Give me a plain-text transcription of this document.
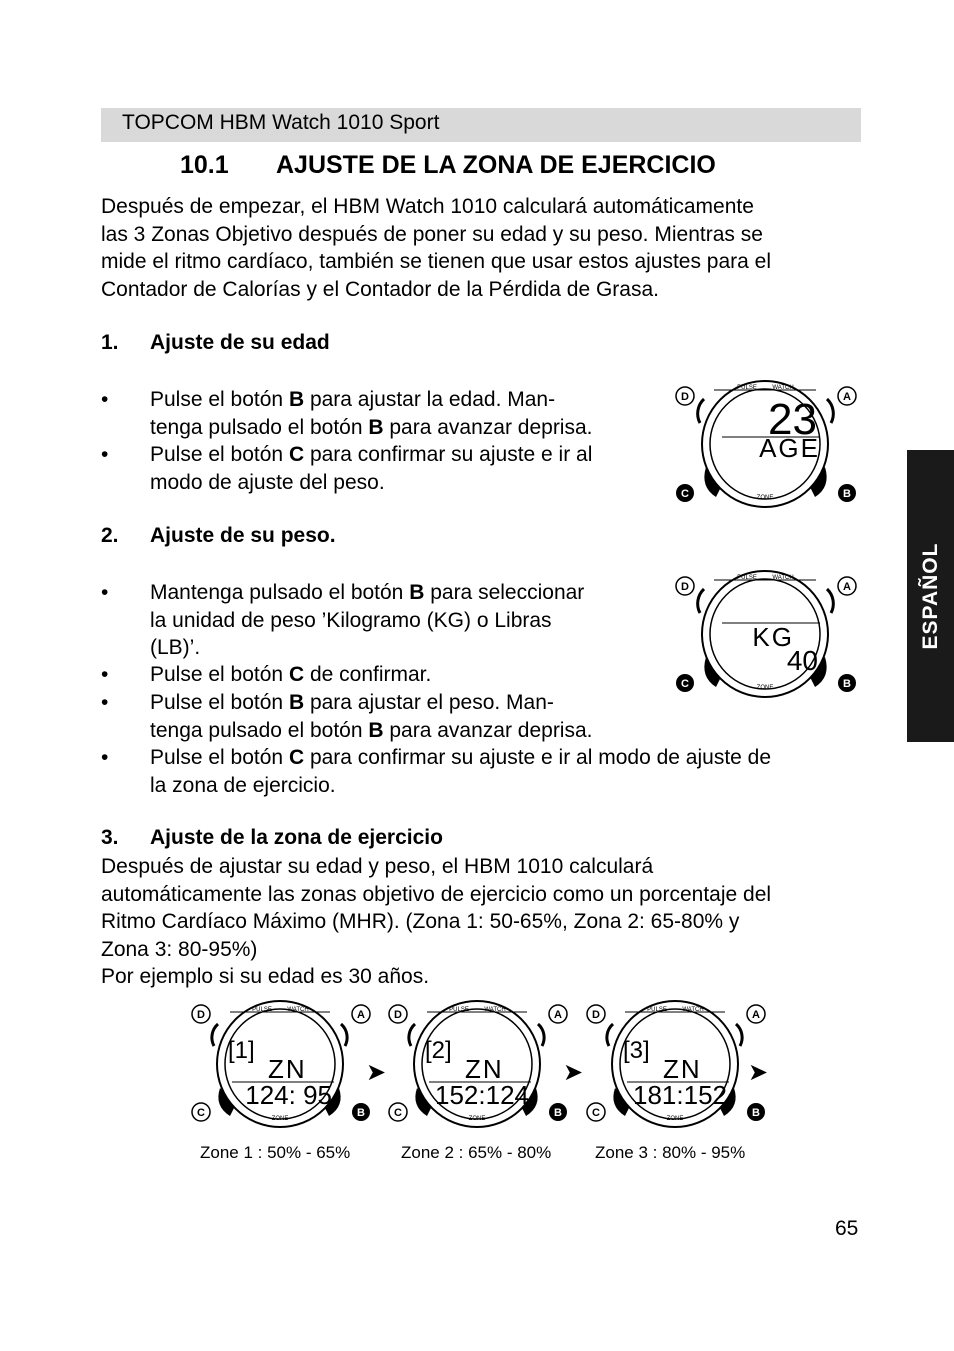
TOPCOM HBM Watch 1010 Sport
10.1 AJUSTE DE LA ZONA DE EJERCICIO
Después de empezar, el HBM Watch 1010 calculará automáticamente
las 3 Zonas Objetivo después de poner su edad y su peso. Mientras se
mide el ritmo cardíaco, también se tienen que usar estos ajustes para el
Contador de Calorías y el Contador de la Pérdida de Grasa.
1. Ajuste de su edad
• Pulse el botón B para ajustar la edad. Man-
tenga pulsado el botón B para avanzar deprisa.
• Pulse el botón C para confirmar su ajuste e ir al
modo de ajuste del peso.
2. Ajuste de su peso.
• Mantenga pulsado el botón B para seleccionar
la unidad de peso ’Kilogramo (KG) o Libras
(LB)’.
• Pulse el botón C de confirmar.
• Pulse el botón B para ajustar el peso. Man-
tenga pulsado el botón B para avanzar deprisa.
• Pulse el botón C para confirmar su ajuste e ir al modo de ajuste de
la zona de ejercicio.
3. Ajuste de la zona de ejercicio
Después de ajustar su edad y peso, el HBM 1010 calculará
automáticamente las zonas objetivo de ejercicio como un porcentaje del
Ritmo Cardíaco Máximo (MHR). (Zona 1: 50-65%, Zona 2: 65-80% y
Zona 3: 80-95%)
Por ejemplo si su edad es 30 años.
PULSE	WATCH
ZONE
23
AGE
D	A
C	B
PULSE	WATCH
ZONE
KG
40
D	A
C	B
PULSE	WATCH
ZONE
[1]
ZN
124: 95
D	A
C	B
➤
PULSE	WATCH
ZONE
[2]
ZN
152:124
D	A
C	B
➤
PULSE	WATCH
ZONE
[3]
ZN
181:152
D	A
C	B
➤
Zone 1 : 50% - 65%	Zone 2 : 65% - 80%	Zone 3 : 80% - 95%
ESPAÑOL
65
